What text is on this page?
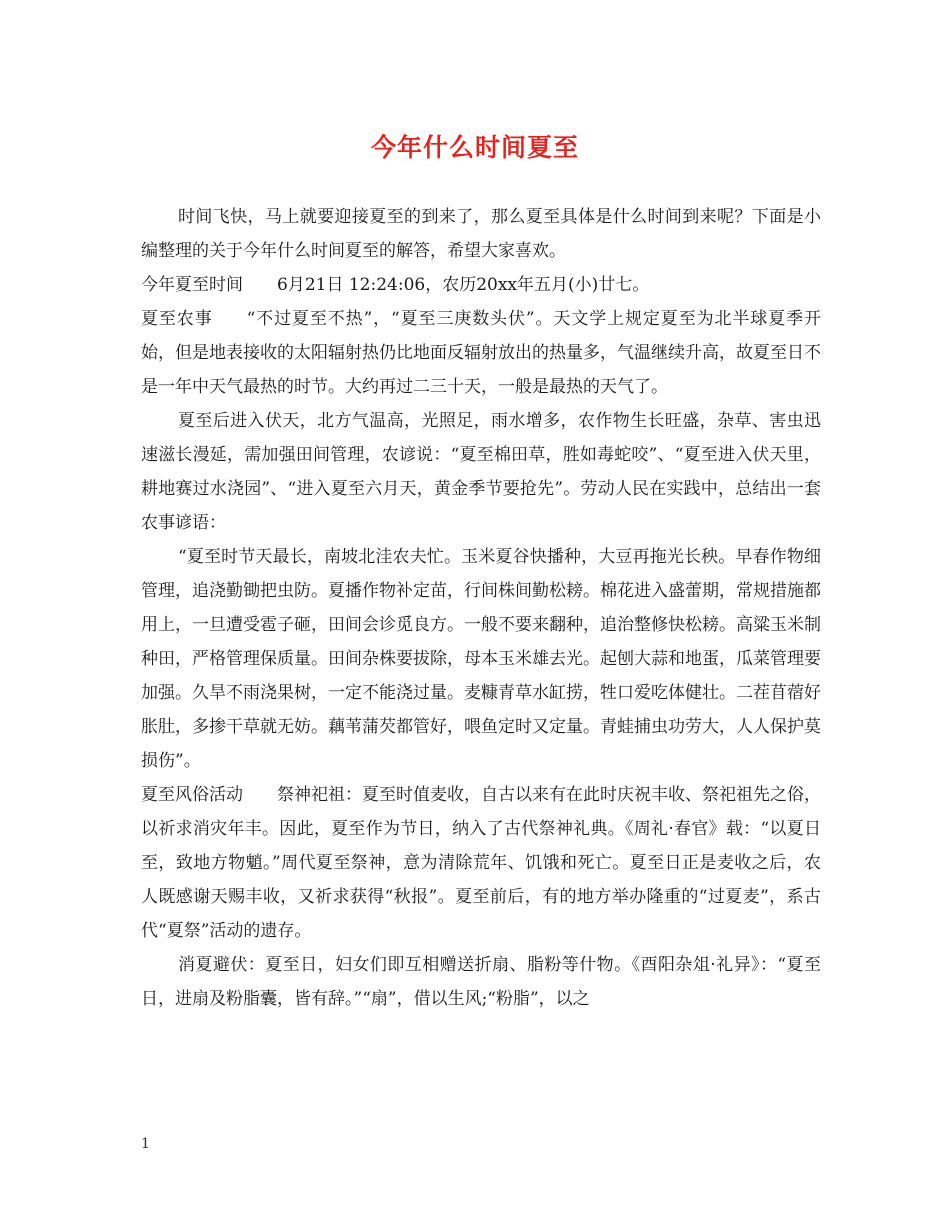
今年什么时间夏至

时间飞快，马上就要迎接夏至的到来了，那么夏至具体是什么时间到来呢？下面是小编整理的关于今年什么时间夏至的解答，希望大家喜欢。

今年夏至时间 6月21日 12:24:06，农历20xx年五月(小)廿七。

夏至农事 “不过夏至不热”，“夏至三庚数头伏”。天文学上规定夏至为北半球夏季开始，但是地表接收的太阳辐射热仍比地面反辐射放出的热量多，气温继续升高，故夏至日不是一年中天气最热的时节。大约再过二三十天，一般是最热的天气了。

夏至后进入伏天，北方气温高，光照足，雨水增多，农作物生长旺盛，杂草、害虫迅速滋长漫延，需加强田间管理，农谚说：“夏至棉田草，胜如毒蛇咬”、“夏至进入伏天里，耕地赛过水浇园”、“进入夏至六月天，黄金季节要抢先”。劳动人民在实践中，总结出一套农事谚语：

“夏至时节天最长，南坡北洼农夫忙。玉米夏谷快播种，大豆再拖光长秧。早春作物细管理，追浇勤锄把虫防。夏播作物补定苗，行间株间勤松耪。棉花进入盛蕾期，常规措施都用上，一旦遭受雹子砸，田间会诊觅良方。一般不要来翻种，追治整修快松耪。高粱玉米制种田，严格管理保质量。田间杂株要拔除，母本玉米雄去光。起刨大蒜和地蛋，瓜菜管理要加强。久旱不雨浇果树，一定不能浇过量。麦糠青草水缸捞，牲口爱吃体健壮。二茬苜蓿好胀肚，多掺干草就无妨。藕苇蒲芡都管好，喂鱼定时又定量。青蛙捕虫功劳大，人人保护莫损伤”。

夏至风俗活动 祭神祀祖：夏至时值麦收，自古以来有在此时庆祝丰收、祭祀祖先之俗，以祈求消灾年丰。因此，夏至作为节日，纳入了古代祭神礼典。《周礼·春官》载：“以夏日至，致地方物魈。”周代夏至祭神，意为清除荒年、饥饿和死亡。夏至日正是麦收之后，农人既感谢天赐丰收，又祈求获得“秋报”。夏至前后，有的地方举办隆重的“过夏麦”，系古代“夏祭”活动的遗存。

消夏避伏：夏至日，妇女们即互相赠送折扇、脂粉等什物。《酉阳杂俎·礼异》：“夏至日，进扇及粉脂囊，皆有辞。”“扇”，借以生风;“粉脂”，以之

1
